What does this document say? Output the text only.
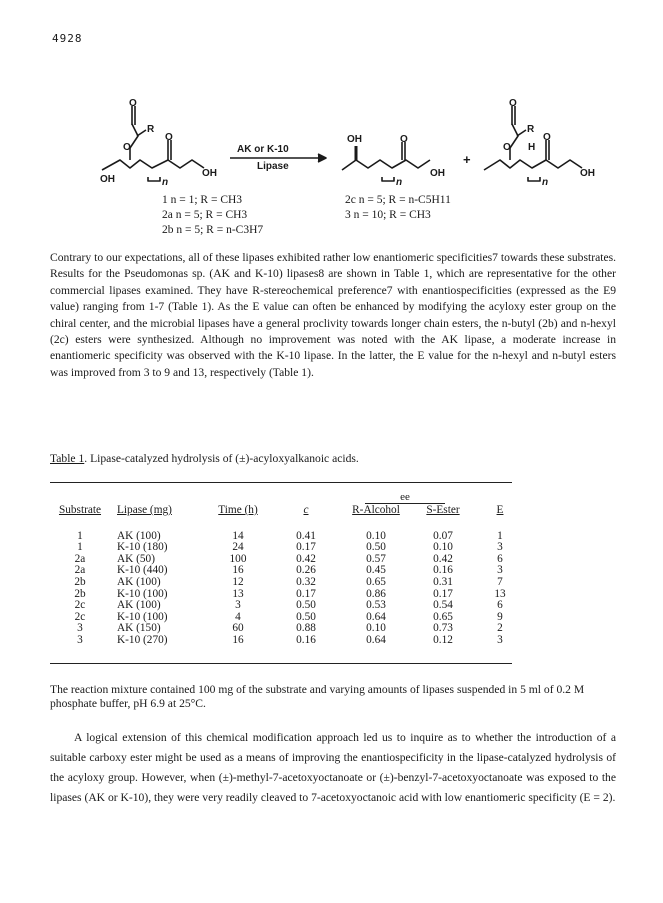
4928
O
R
O
O
OH
OH
n
AK or K-10
Lipase
OH	O
OH
n
+
O
R
O H
O
OH
n
1 n = 1; R = CH3
2a n = 5; R = CH3
2b n = 5; R = n-C3H7
2c n = 5; R = n-C5H11
3 n = 10; R = CH3

Contrary to our expectations, all of these lipases exhibited rather low enantiomeric specificities7 towards these substrates. Results for the Pseudomonas sp. (AK and K-10) lipases8 are shown in Table 1, which are representative for the other commercial lipases examined. They have R-stereochemical preference7 with enantiospecificities (expressed as the E9 value) ranging from 1-7 (Table 1). As the E value can often be enhanced by modifying the acyloxy ester group on the chiral center, and the microbial lipases have a general proclivity towards longer chain esters, the n-butyl (2b) and n-hexyl (2c) esters were synthesized. Although no improvement was noted with the AK lipase, a moderate increase in enantiomeric specificity was observed with the K-10 lipase. In the latter, the E value for the n-hexyl and n-butyl esters was improved from 3 to 9 and 13, respectively (Table 1).

Table 1. Lipase-catalyzed hydrolysis of (±)-acyloxyalkanoic acids.
ee
Substrate	Lipase (mg)	Time (h)	c	R-Alcohol	S-Ester	E
1	AK (100)	14	0.41	0.10	0.07	1
1	K-10 (180)	24	0.17	0.50	0.10	3
2a	AK (50)	100	0.42	0.57	0.42	6
2a	K-10 (440)	16	0.26	0.45	0.16	3
2b	AK (100)	12	0.32	0.65	0.31	7
2b	K-10 (100)	13	0.17	0.86	0.17	13
2c	AK (100)	3	0.50	0.53	0.54	6
2c	K-10 (100)	4	0.50	0.64	0.65	9
3	AK (150)	60	0.88	0.10	0.73	2
3	K-10 (270)	16	0.16	0.64	0.12	3
The reaction mixture contained 100 mg of the substrate and varying amounts of lipases suspended in 5 ml of 0.2 M phosphate buffer, pH 6.9 at 25°C.
A logical extension of this chemical modification approach led us to inquire as to whether the introduction of a suitable carboxy ester might be used as a means of improving the enantiospecificity in the lipase-catalyzed hydrolysis of the acyloxy group. However, when (±)-methyl-7-acetoxyoctanoate or (±)-benzyl-7-acetoxyoctanoate was exposed to the lipases (AK or K-10), they were very readily cleaved to 7-acetoxyoctanoic acid with low enantiomeric specificity (E = 2).
